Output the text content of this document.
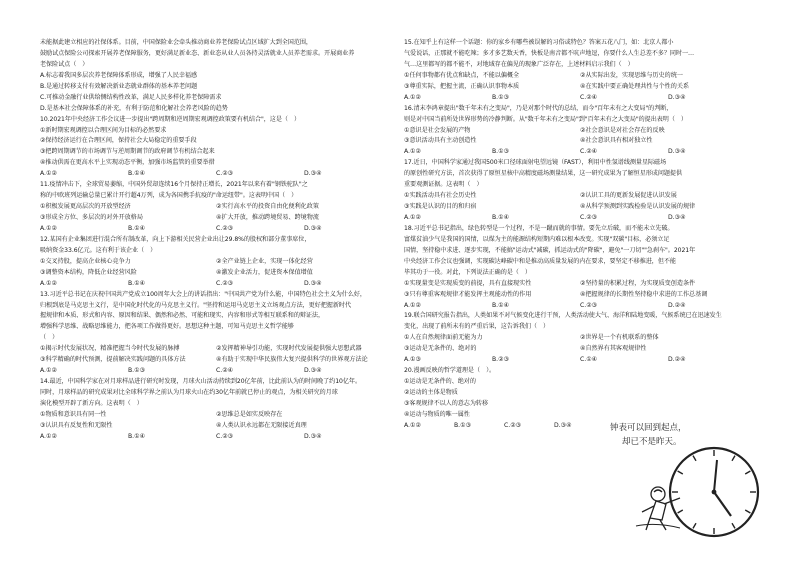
未能据此建立相应的社保体系。目前，中国保险业会牵头推动商业养老保险试点区域扩大到全国范围，
鼓励试点保险公司探索开展养老保障服务，更好满足新业态、新业态从业人员各持灵活就业人员养老需求。开展商业养
老保险试点（　）
A.标志着我国多层次养老保障体系形成，增强了人民幸福感
B.是通过转移支付有效解决新业态就业群体的基本养老问题
C.可推动金融行业供给侧结构性改革，满足人民多样化养老保障需求
D.是基本社会保障体系的补充，有利于防范和化解社会养老风险的趋势
10.2021年中央经济工作会议进一步提出"跨周期和逆周期宏观调控政策要有机结合"，这是（　）
①新时期宏观调控以合理区间为目标的必然要求
②保持经济运行在合理区间，保持社会大局稳定的重要手段
③把跨周期调节的市场调节与逆周期调节的政府调节有机结合起来
④推动供需在更高水平上实现动态平衡，加强市场监管的重要举措
A.①②	B.①④	C.②③	D.③④
11.疫情冲击下，全球贸易萎缩，中国外贸却连续16个月保持正增长，2021年以来有着"钢铁驼队"之
称的中欧班列运输总量已累计开行超4万列，成为各国携手抗疫的"命运纽带"。这表明中国（　）
①积极发展更高层次的开放型经济	②实行高水平的投资自由化便利化政策
③形成全方位、多层次的对外开放格局	④扩大开放，推动跨境贸易、跨境物流
A.①②	B.①④	C.②③	D.③④
12.某国有企业集团进行混合所有制改革，向上下游相关民营企业出让29.8%的股权和部分董事席位，
吸纳资金33.6亿元。这有利于该企业（　）
①交叉持股，提高企业核心竞争力	②全产业链上企业，实现一体化经营
③调整资本结构，降低企业经营风险	④激发企业活力，促进资本保值增值
A.①②	B.①④	C.②③	D.③④
13.习近平总书记在庆祝中国共产党成立100周年大会上的讲话指出："中国共产党为什么能，中国特色社会主义为什么好，
归根到底是马克思主义行，是中国化时代化的马克思主义行。"坚持和运用马克思主义立场观点方法，更好把握新时代
握规律和本质、形式和内容、原因和结果、偶然和必然、可能和现实、内容和形式等相互联系和的辩证法，
增强科学思维、战略思维能力，把各项工作做得更好。思想这种主题，可知马克思主义哲学能够
（　）
①揭示时代发展状况，精准把握当今时代发展的脉搏	②发挥精神导引功能，实现时代发展提供强大思想武器
③科学精确的时代预测，提前解决实践问题的具体方法	④有助于实现中华民族伟大复兴提供科学的世界观方法论
A.①②	B.①③	C.②④	D.③④
14.最近，中国科学家在对月球样品进行研究时发现，月球火山活动持续到20亿年前，比此前认为的时间晚了约10亿年。
同时，月球样品的研究成果对比全球科学界之前认为月球火山在约30亿年前就已停止的观点，为相关研究的月球
演化模型开辟了新方向。这表明（　）
①物质和意识具有同一性	②思维总是如实反映存在
③认识具有反复性和无限性	④人类认识永远都在无限接近真理
A.①②	B.①④	C.②③	D.③④
15.在知乎上有这样一个话题：你的家乡有哪些被误解的习俗或特色？答案五花八门，如：北京人都小
气爱说话，正那就不能吃辣；多才多艺数天香，快板是南音都不吭声地逗，你要什么人生总差不多？同时一…
气…这里都写的都不能不，对地域存在偏见的现象广泛存在，上述材料启示我们（　）
①任何事物都有优点和缺点，不能以偏概全	②从实际出发，实现思维与历史的统一
③尊重实际，把握主流，正确认识事物本质	④在实践中要正确处理共性与个性的关系
A.①②	B.①③	C.②④	D.③④
16.清末李鸿章提出"数千年未有之变局"，乃是对那个时代的总结，而今"百年未有之大变局"的判断，
则是对中国当前所处世界形势的冷静判断。从"数千年未有之变局"到"百年未有之大变局"的提出表明（　）
①意识是社会发展的产物	②社会意识是对社会存在的反映
③意识活动具有主动创造性	④社会意识具有相对独立性
A.①②	B.①③	C.②④	D.③④
17.近日，中国科学家通过我国500米口径球面射电望远镜（FAST），利用中性氢谱线测量星际磁场
的原创性研究方法，首次获得了原恒星核中高精度磁场测量结果，这一研究成果为了解恒星形成问题提供
重要观测证据。这表明（　）
①实践活动具有社会历史性	②认识工具的更新发展促进认识发展
③实践是认识的目的和归宿	④从科学预测到实践检验是认识发展的规律
A.①②	B.①④	C.②③	D.③④
18.习近平总书记指出，绿色转型是一个过程，不是一蹴而就的事情。要先立后破，而不能未立先破。
富煤贫油少气是我国的国情，以煤为主的能源结构短期内难以根本改变。实现"双碳"目标，必须立足
国情，坚持稳中求进、逐步实现，不能搞"运动式"减碳，抓运动式的"降碳"，避免"一刀切""急刹车"。2021年
中央经济工作会议也强调，实现碳达峰碳中和是推动高质量发展的内在要求，要坚定不移推进，但不能
毕其功于一役。对此，下列说法正确的是（　）
①实现量变是实现质变的前提，具有直接现实性	②坚持量的积累过程，为实现质变创造条件
③只有尊重客观规律才能发挥主观能动性的作用	④把握规律的长期性坚持稳中求进的工作总基调
A.①②	B.①④	C.②③	D.②④
19.联合国研究报告指出，人类如果不对气候变化进行干预，人类活动使大气、海洋和陆地变暖，气候系统已在迅速发生
变化，出现了前所未有的严重后果，这告诉我们（　）
①人在自然规律面前无能为力	②世界是一个有机联系的整体
③运动是无条件的、绝对的	④自然界有其客观规律性
A.①③	B.②③	C.①④	D.②④
20.漫画反映的哲学道理是（　）。
①运动是无条件的、绝对的
②运动的主体是物质
③客观规律不以人的意志为转移
④运动与物质的唯一属性
A.①②	B.①③	C.②③	D.③④	钟表可以回到起点，
却已不是昨天。
